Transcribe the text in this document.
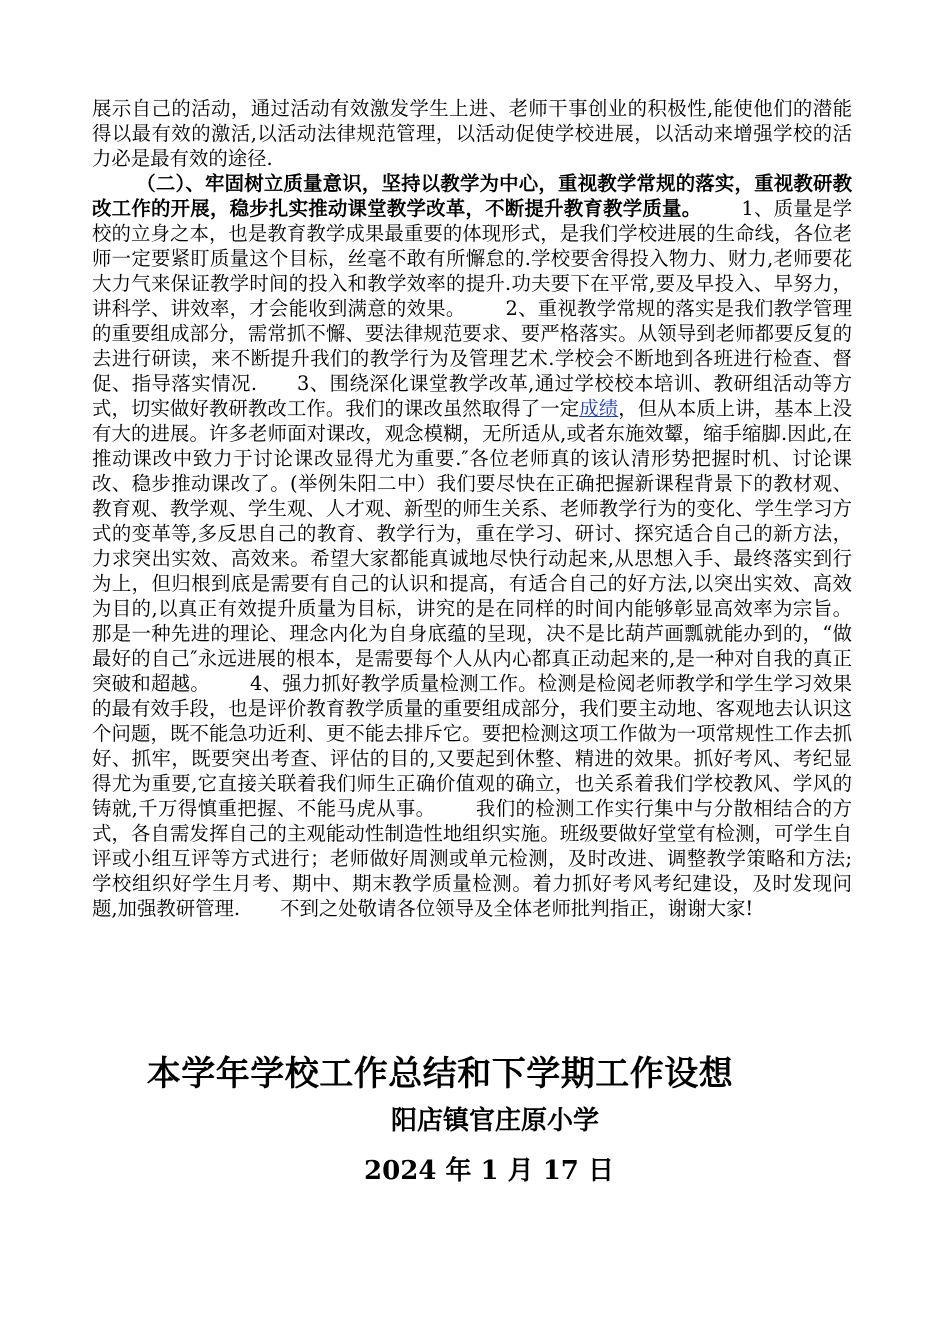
展示自己的活动，通过活动有效激发学生上进、老师干事创业的积极性,能使他们的潜能得以最有效的激活,以活动法律规范管理，以活动促使学校进展，以活动来增强学校的活力必是最有效的途径.

（二）、牢固树立质量意识，坚持以教学为中心，重视教学常规的落实，重视教研教改工作的开展，稳步扎实推动课堂教学改革，不断提升教育教学质量。 1、质量是学校的立身之本，也是教育教学成果最重要的体现形式，是我们学校进展的生命线，各位老师一定要紧盯质量这个目标，丝毫不敢有所懈怠的.学校要舍得投入物力、财力,老师要花大力气来保证教学时间的投入和教学效率的提升.功夫要下在平常,要及早投入、早努力，讲科学、讲效率，才会能收到满意的效果。 2、重视教学常规的落实是我们教学管理的重要组成部分，需常抓不懈、要法律规范要求、要严格落实。从领导到老师都要反复的去进行研读，来不断提升我们的教学行为及管理艺术.学校会不断地到各班进行检查、督促、指导落实情况. 3、围绕深化课堂教学改革,通过学校校本培训、教研组活动等方式，切实做好教研教改工作。我们的课改虽然取得了一定成绩，但从本质上讲，基本上没有大的进展。许多老师面对课改，观念模糊，无所适从,或者东施效颦，缩手缩脚.因此,在推动课改中致力于讨论课改显得尤为重要.″各位老师真的该认清形势把握时机、讨论课改、稳步推动课改了。(举例朱阳二中）我们要尽快在正确把握新课程背景下的教材观、教育观、教学观、学生观、人才观、新型的师生关系、老师教学行为的变化、学生学习方式的变革等,多反思自己的教育、教学行为，重在学习、研讨、探究适合自己的新方法，力求突出实效、高效来。希望大家都能真诚地尽快行动起来,从思想入手、最终落实到行为上，但归根到底是需要有自己的认识和提高，有适合自己的好方法,以突出实效、高效为目的,以真正有效提升质量为目标，讲究的是在同样的时间内能够彰显高效率为宗旨。那是一种先进的理论、理念内化为自身底蕴的呈现，决不是比葫芦画瓢就能办到的，“做最好的自己″永远进展的根本，是需要每个人从内心都真正动起来的,是一种对自我的真正突破和超越。 4、强力抓好教学质量检测工作。检测是检阅老师教学和学生学习效果的最有效手段，也是评价教育教学质量的重要组成部分，我们要主动地、客观地去认识这个问题，既不能急功近利、更不能去排斥它。要把检测这项工作做为一项常规性工作去抓好、抓牢，既要突出考查、评估的目的,又要起到休整、精进的效果。抓好考风、考纪显得尤为重要,它直接关联着我们师生正确价值观的确立，也关系着我们学校教风、学风的铸就,千万得慎重把握、不能马虎从事。 我们的检测工作实行集中与分散相结合的方式，各自需发挥自己的主观能动性制造性地组织实施。班级要做好堂堂有检测，可学生自评或小组互评等方式进行；老师做好周测或单元检测，及时改进、调整教学策略和方法;学校组织好学生月考、期中、期末教学质量检测。着力抓好考风考纪建设，及时发现问题,加强教研管理. 不到之处敬请各位领导及全体老师批判指正，谢谢大家!

本学年学校工作总结和下学期工作设想
阳店镇官庄原小学
2024 年 1 月 17 日
